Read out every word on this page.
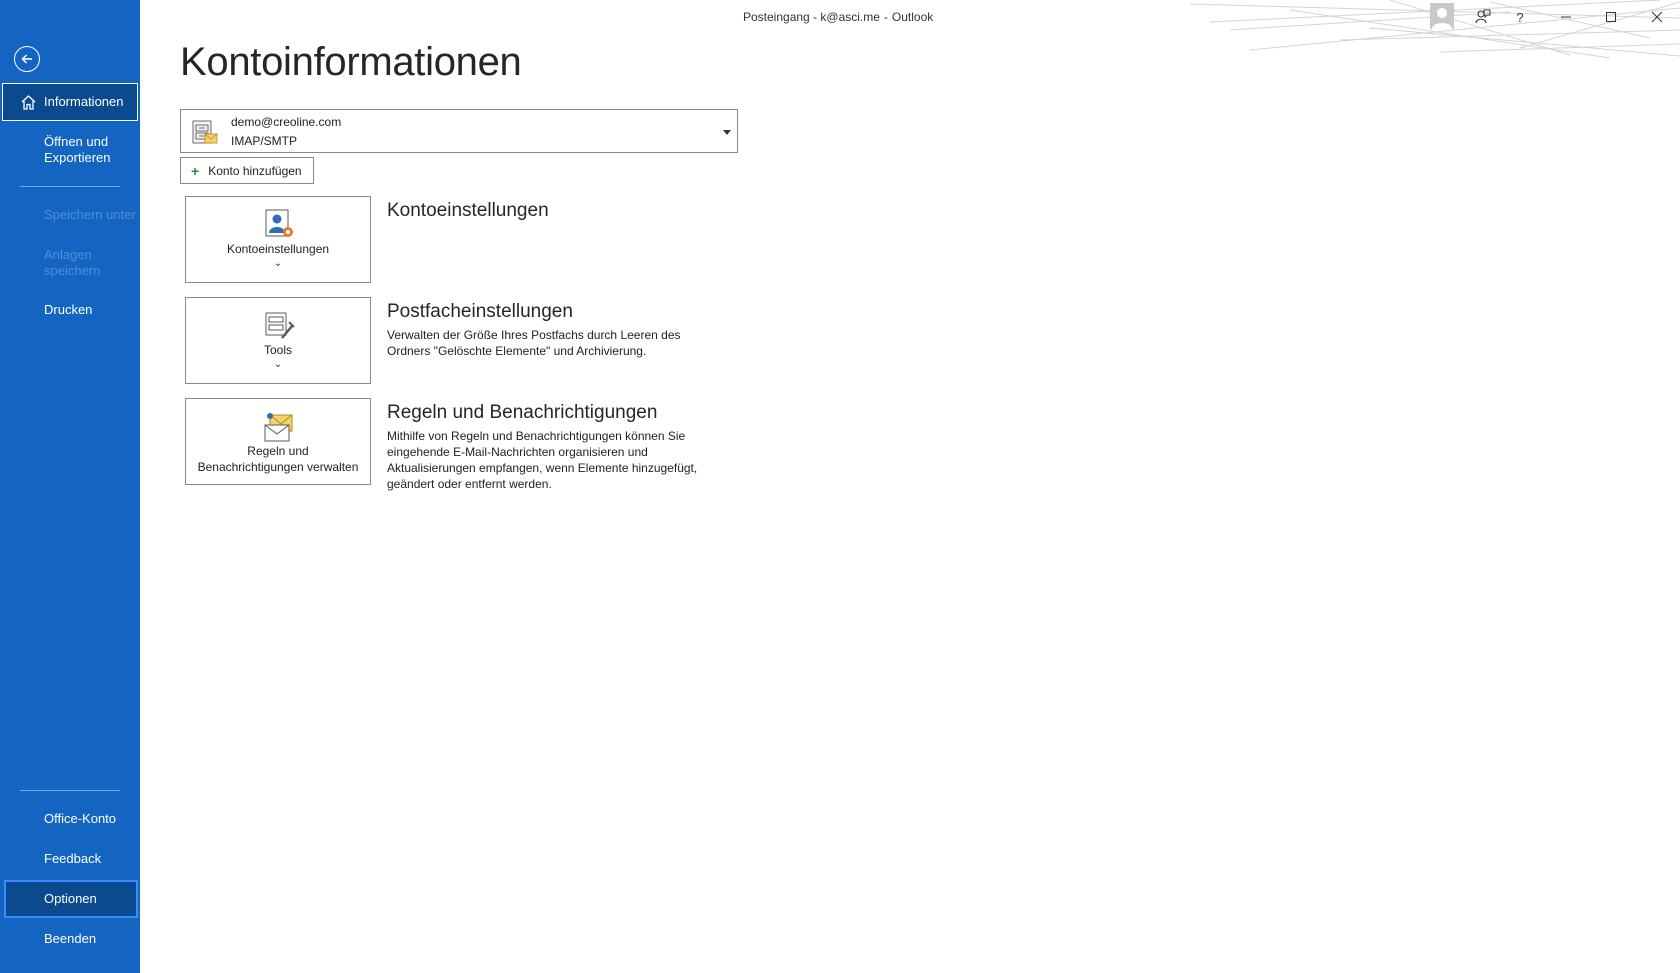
Informationen
Öffnen und Exportieren
Speichern unter
Anlagen speichern
Drucken
Office-Konto
Feedback
Optionen
Beenden
Posteingang - k@asci.me - Outlook	?
Kontoinformationen
demo@creoline.com
IMAP/SMTP
+ Konto hinzufügen
Kontoeinstellungen
⌄
Kontoeinstellungen
Tools
⌄
Postfacheinstellungen
Verwalten der Größe Ihres Postfachs durch Leeren des Ordners "Gelöschte Elemente" und Archivierung.
Regeln und
Benachrichtigungen verwalten
Regeln und Benachrichtigungen
Mithilfe von Regeln und Benachrichtigungen können Sie eingehende E-Mail-Nachrichten organisieren und Aktualisierungen empfangen, wenn Elemente hinzugefügt, geändert oder entfernt werden.
